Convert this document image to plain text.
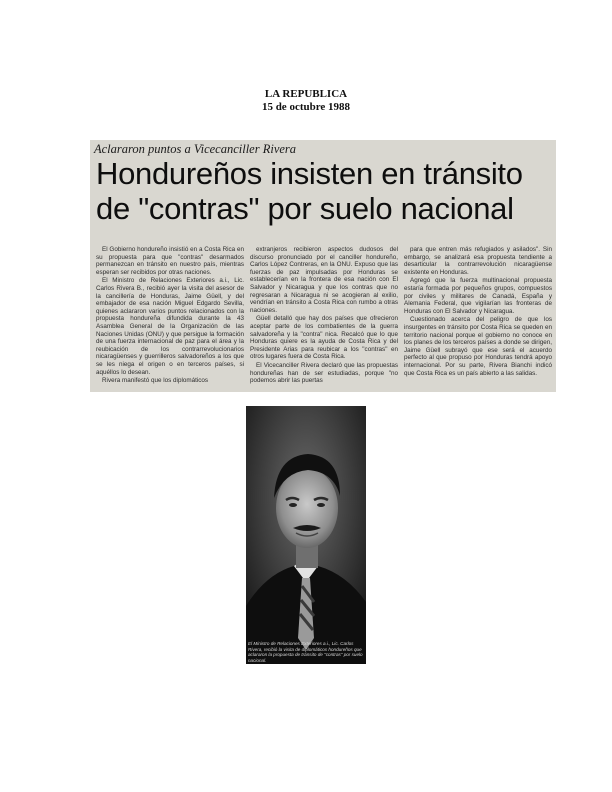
LA REPUBLICA
15 de octubre 1988
Aclararon puntos a Vicecanciller Rivera
Hondureños insisten en tránsito
de "contras" por suelo nacional

El Gobierno hondureño insistió en a Costa Rica en su propuesta para que "contras" desarmados permanezcan en tránsito en nuestro país, mientras esperan ser recibidos por otras naciones.

El Ministro de Relaciones Exteriores a.i., Lic. Carlos Rivera B., recibió ayer la visita del asesor de la cancillería de Honduras, Jaime Güell, y del embajador de esa nación Miguel Edgardo Sevilla, quienes aclararon varios puntos relacionados con la propuesta hondureña difundida durante la 43 Asamblea General de la Organización de las Naciones Unidas (ONU) y que persigue la formación de una fuerza internacional de paz para el área y la reubicación de los contrarrevolucionarios nicaragüenses y guerrilleros salvadoreños a los que se les niega el origen o en terceros países, si aquéllos lo desean.

Rivera manifestó que los diplomáticos

extranjeros recibieron aspectos dudosos del discurso pronunciado por el canciller hondureño, Carlos López Contreras, en la ONU. Expuso que las fuerzas de paz impulsadas por Honduras se establecerían en la frontera de esa nación con El Salvador y Nicaragua y que los contras que no regresaran a Nicaragua ni se acogieran al exilio, vendrían en tránsito a Costa Rica con rumbo a otras naciones.

Güell detalló que hay dos países que ofrecieron aceptar parte de los combatientes de la guerra salvadoreña y la "contra" nica. Recalcó que lo que Honduras quiere es la ayuda de Costa Rica y del Presidente Arias para reubicar a los "contras" en otros lugares fuera de Costa Rica.

El Vicecanciller Rivera declaró que las propuestas hondureñas han de ser estudiadas, porque "no podemos abrir las puertas

para que entren más refugiados y asilados". Sin embargo, se analizará esa propuesta tendiente a desarticular la contrarrevolución nicaragüense existente en Honduras.

Agregó que la fuerza multinacional propuesta estaría formada por pequeños grupos, compuestos por civiles y militares de Canadá, España y Alemania Federal, que vigilarían las fronteras de Honduras con El Salvador y Nicaragua.

Cuestionado acerca del peligro de que los insurgentes en tránsito por Costa Rica se queden en territorio nacional porque el gobierno no conoce en los planes de los terceros países a donde se dirigen, Jaime Güell subrayó que ese será el acuerdo perfecto al que propuso por Honduras tendrá apoyo internacional. Por su parte, Rivera Bianchi indicó que Costa Rica es un país abierto a las salidas.

El Ministro de Relaciones Exteriores a.i., Lic. Carlos Rivera, recibió la visita de diplomáticos hondureños que aclararon la propuesta de tránsito de "contras" por suelo nacional.
